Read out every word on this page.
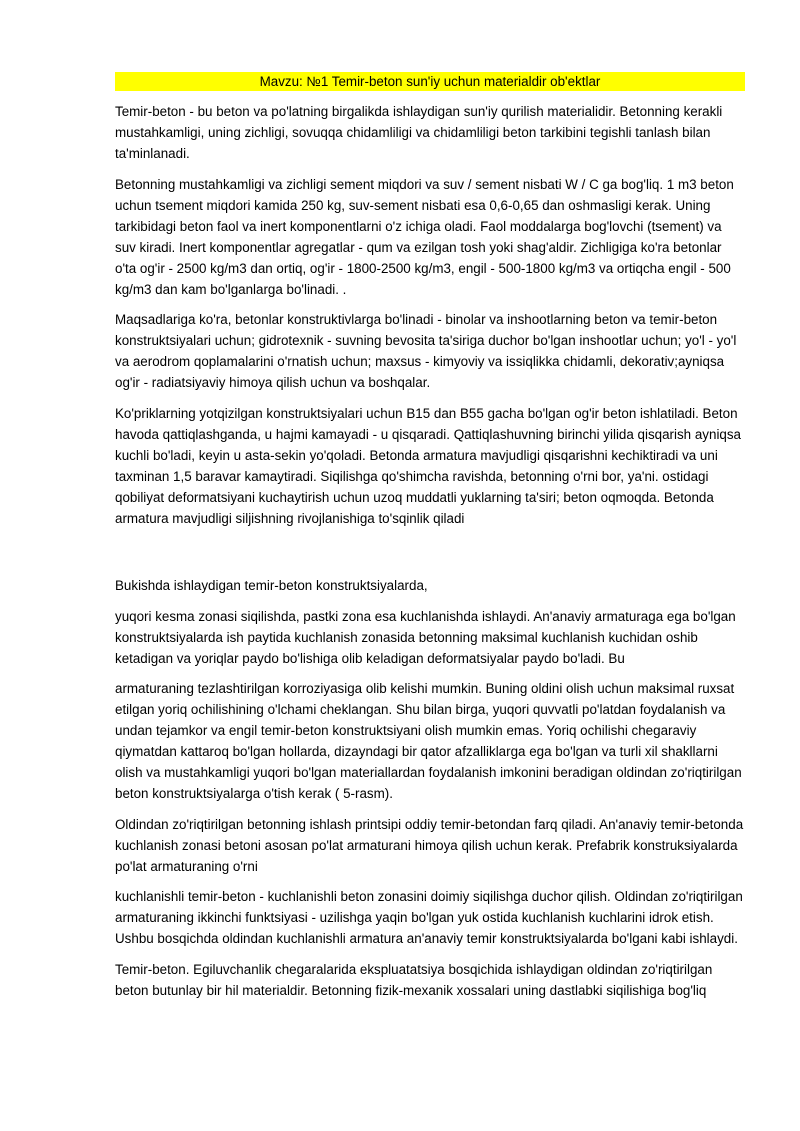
Mavzu: №1 Temir-beton sun'iy uchun materialdir ob'ektlar

Temir-beton - bu beton va po'latning birgalikda ishlaydigan sun'iy qurilish materialidir. Betonning kerakli mustahkamligi, uning zichligi, sovuqqa chidamliligi va chidamliligi beton tarkibini tegishli tanlash bilan ta'minlanadi.

Betonning mustahkamligi va zichligi sement miqdori va suv / sement nisbati W / C ga bog'liq. 1 m3 beton uchun tsement miqdori kamida 250 kg, suv-sement nisbati esa 0,6-0,65 dan oshmasligi kerak. Uning tarkibidagi beton faol va inert komponentlarni o'z ichiga oladi. Faol moddalarga bog'lovchi (tsement) va suv kiradi. Inert komponentlar agregatlar - qum va ezilgan tosh yoki shag'aldir. Zichligiga ko'ra betonlar o'ta og'ir - 2500 kg/m3 dan ortiq, og'ir - 1800-2500 kg/m3, engil - 500-1800 kg/m3 va ortiqcha engil - 500 kg/m3 dan kam bo'lganlarga bo'linadi. .

Maqsadlariga ko'ra, betonlar konstruktivlarga bo'linadi - binolar va inshootlarning beton va temir-beton konstruktsiyalari uchun; gidrotexnik - suvning bevosita ta'siriga duchor bo'lgan inshootlar uchun; yo'l - yo'l va aerodrom qoplamalarini o'rnatish uchun; maxsus - kimyoviy va issiqlikka chidamli, dekorativ;ayniqsa og'ir - radiatsiyaviy himoya qilish uchun va boshqalar.

Ko'priklarning yotqizilgan konstruktsiyalari uchun B15 dan B55 gacha bo'lgan og'ir beton ishlatiladi. Beton havoda qattiqlashganda, u hajmi kamayadi - u qisqaradi. Qattiqlashuvning birinchi yilida qisqarish ayniqsa kuchli bo'ladi, keyin u asta-sekin yo'qoladi. Betonda armatura mavjudligi qisqarishni kechiktiradi va uni taxminan 1,5 baravar kamaytiradi. Siqilishga qo'shimcha ravishda, betonning o'rni bor, ya'ni. ostidagi qobiliyat deformatsiyani kuchaytirish uchun uzoq muddatli yuklarning ta'siri; beton oqmoqda. Betonda armatura mavjudligi siljishning rivojlanishiga to'sqinlik qiladi

Bukishda ishlaydigan temir-beton konstruktsiyalarda,

yuqori kesma zonasi siqilishda, pastki zona esa kuchlanishda ishlaydi. An'anaviy armaturaga ega bo'lgan konstruktsiyalarda ish paytida kuchlanish zonasida betonning maksimal kuchlanish kuchidan oshib ketadigan va yoriqlar paydo bo'lishiga olib keladigan deformatsiyalar paydo bo'ladi. Bu

armaturaning tezlashtirilgan korroziyasiga olib kelishi mumkin. Buning oldini olish uchun maksimal ruxsat etilgan yoriq ochilishining o'lchami cheklangan. Shu bilan birga, yuqori quvvatli po'latdan foydalanish va undan tejamkor va engil temir-beton konstruktsiyani olish mumkin emas. Yoriq ochilishi chegaraviy qiymatdan kattaroq bo'lgan hollarda, dizayndagi bir qator afzalliklarga ega bo'lgan va turli xil shakllarni olish va mustahkamligi yuqori bo'lgan materiallardan foydalanish imkonini beradigan oldindan zo'riqtirilgan beton konstruktsiyalarga o'tish kerak ( 5-rasm).

Oldindan zo'riqtirilgan betonning ishlash printsipi oddiy temir-betondan farq qiladi. An'anaviy temir-betonda kuchlanish zonasi betoni asosan po'lat armaturani himoya qilish uchun kerak. Prefabrik konstruksiyalarda po'lat armaturaning o'rni

kuchlanishli temir-beton - kuchlanishli beton zonasini doimiy siqilishga duchor qilish. Oldindan zo'riqtirilgan armaturaning ikkinchi funktsiyasi - uzilishga yaqin bo'lgan yuk ostida kuchlanish kuchlarini idrok etish. Ushbu bosqichda oldindan kuchlanishli armatura an'anaviy temir konstruktsiyalarda bo'lgani kabi ishlaydi.

Temir-beton. Egiluvchanlik chegaralarida ekspluatatsiya bosqichida ishlaydigan oldindan zo'riqtirilgan beton butunlay bir hil materialdir. Betonning fizik-mexanik xossalari uning dastlabki siqilishiga bog'liq
